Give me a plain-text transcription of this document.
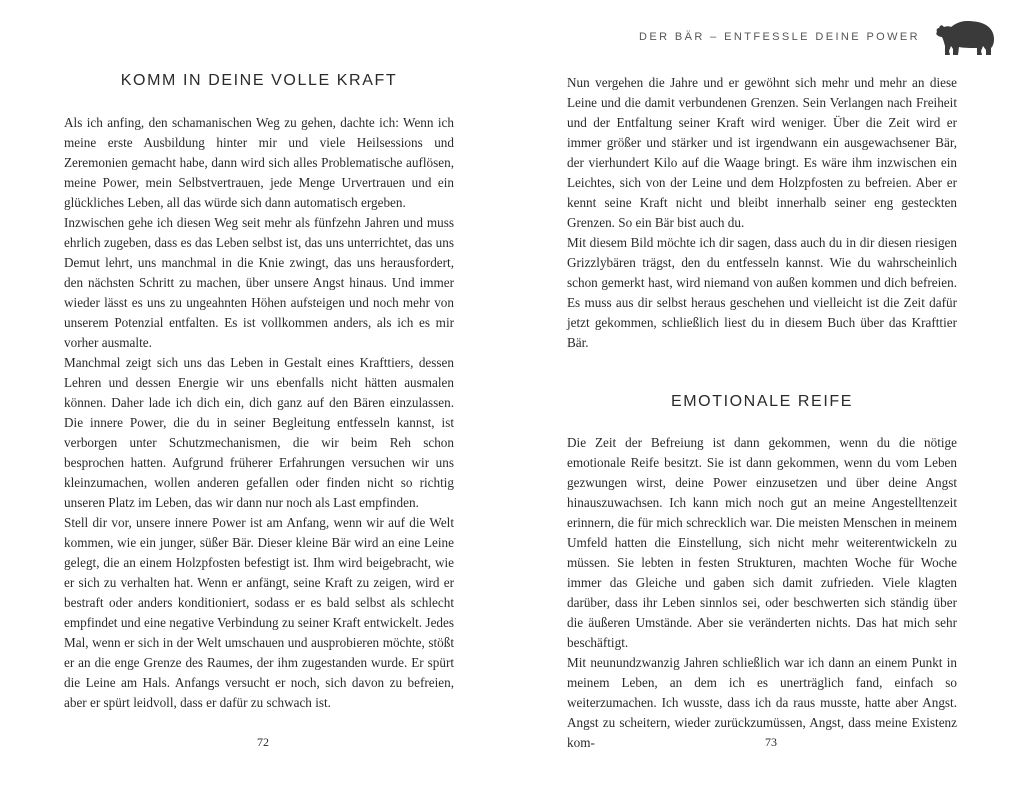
KOMM IN DEINE VOLLE KRAFT

Als ich anfing, den schamanischen Weg zu gehen, dachte ich: Wenn ich meine erste Ausbildung hinter mir und viele Heilsessions und Zeremonien gemacht habe, dann wird sich alles Problematische auflösen, meine Power, mein Selbstvertrauen, jede Menge Urvertrauen und ein glückliches Leben, all das würde sich dann automatisch ergeben.

Inzwischen gehe ich diesen Weg seit mehr als fünfzehn Jahren und muss ehrlich zugeben, dass es das Leben selbst ist, das uns unterrichtet, das uns Demut lehrt, uns manchmal in die Knie zwingt, das uns herausfordert, den nächsten Schritt zu machen, über unsere Angst hinaus. Und immer wieder lässt es uns zu ungeahnten Höhen aufsteigen und noch mehr von unserem Potenzial entfalten. Es ist vollkommen anders, als ich es mir vorher ausmalte.

Manchmal zeigt sich uns das Leben in Gestalt eines Krafttiers, dessen Lehren und dessen Energie wir uns ebenfalls nicht hätten ausmalen können. Daher lade ich dich ein, dich ganz auf den Bären einzulassen. Die innere Power, die du in seiner Begleitung entfesseln kannst, ist verborgen unter Schutzmechanismen, die wir beim Reh schon besprochen hatten. Aufgrund früherer Erfahrungen versuchen wir uns kleinzumachen, wollen anderen gefallen oder finden nicht so richtig unseren Platz im Leben, das wir dann nur noch als Last empfinden.

Stell dir vor, unsere innere Power ist am Anfang, wenn wir auf die Welt kommen, wie ein junger, süßer Bär. Dieser kleine Bär wird an eine Leine gelegt, die an einem Holzpfosten befestigt ist. Ihm wird beigebracht, wie er sich zu verhalten hat. Wenn er anfängt, seine Kraft zu zeigen, wird er bestraft oder anders konditioniert, sodass er es bald selbst als schlecht empfindet und eine negative Verbindung zu seiner Kraft entwickelt. Jedes Mal, wenn er sich in der Welt umschauen und ausprobieren möchte, stößt er an die enge Grenze des Raumes, der ihm zugestanden wurde. Er spürt die Leine am Hals. Anfangs versucht er noch, sich davon zu befreien, aber er spürt leidvoll, dass er dafür zu schwach ist.

72
DER BÄR – ENTFESSLE DEINE POWER

Nun vergehen die Jahre und er gewöhnt sich mehr und mehr an diese Leine und die damit verbundenen Grenzen. Sein Verlangen nach Freiheit und der Entfaltung seiner Kraft wird weniger. Über die Zeit wird er immer größer und stärker und ist irgendwann ein ausgewachsener Bär, der vierhundert Kilo auf die Waage bringt. Es wäre ihm inzwischen ein Leichtes, sich von der Leine und dem Holzpfosten zu befreien. Aber er kennt seine Kraft nicht und bleibt innerhalb seiner eng gesteckten Grenzen. So ein Bär bist auch du.

Mit diesem Bild möchte ich dir sagen, dass auch du in dir diesen riesigen Grizzlybären trägst, den du entfesseln kannst. Wie du wahrscheinlich schon gemerkt hast, wird niemand von außen kommen und dich befreien. Es muss aus dir selbst heraus geschehen und vielleicht ist die Zeit dafür jetzt gekommen, schließlich liest du in diesem Buch über das Krafttier Bär.

EMOTIONALE REIFE

Die Zeit der Befreiung ist dann gekommen, wenn du die nötige emotionale Reife besitzt. Sie ist dann gekommen, wenn du vom Leben gezwungen wirst, deine Power einzusetzen und über deine Angst hinauszuwachsen. Ich kann mich noch gut an meine Angestelltenzeit erinnern, die für mich schrecklich war. Die meisten Menschen in meinem Umfeld hatten die Einstellung, sich nicht mehr weiterentwickeln zu müssen. Sie lebten in festen Strukturen, machten Woche für Woche immer das Gleiche und gaben sich damit zufrieden. Viele klagten darüber, dass ihr Leben sinnlos sei, oder beschwerten sich ständig über die äußeren Umstände. Aber sie veränderten nichts. Das hat mich sehr beschäftigt.

Mit neunundzwanzig Jahren schließlich war ich dann an einem Punkt in meinem Leben, an dem ich es unerträglich fand, einfach so weiterzumachen. Ich wusste, dass ich da raus musste, hatte aber Angst. Angst zu scheitern, wieder zurückzumüssen, Angst, dass meine Existenz kom-	73
